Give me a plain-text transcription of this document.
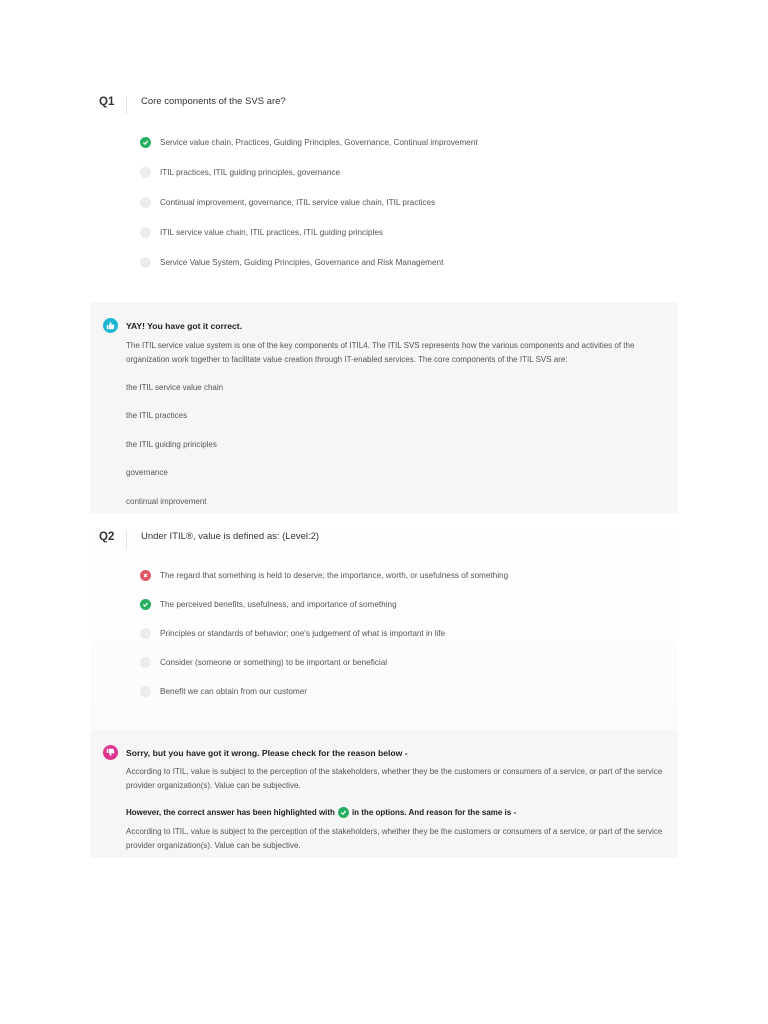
Q1	Core components of the SVS are?
Service value chain, Practices, Guiding Principles, Governance, Continual improvement
ITIL practices, ITIL guiding principles, governance
Continual improvement, governance, ITIL service value chain, ITIL practices
ITIL service value chain, ITIL practices, ITIL guiding principles
Service Value System, Guiding Principles, Governance and Risk Management
YAY! You have got it correct.
The ITIL service value system is one of the key components of ITIL4. The ITIL SVS represents how the various components and activities of the organization work together to facilitate value creation through IT-enabled services. The core components of the ITIL SVS are:
the ITIL service value chain
the ITIL practices
the ITIL guiding principles
governance
continual improvement
Q2	Under ITIL®, value is defined as: (Level:2)
The regard that something is held to deserve; the importance, worth, or usefulness of something
The perceived benefits, usefulness, and importance of something
Principles or standards of behavior; one's judgement of what is important in life
Consider (someone or something) to be important or beneficial
Benefit we can obtain from our customer
Sorry, but you have got it wrong. Please check for the reason below -
According to ITIL, value is subject to the perception of the stakeholders, whether they be the customers or consumers of a service, or part of the service provider organization(s). Value can be subjective.
However, the correct answer has been highlighted with in the options. And reason for the same is -
According to ITIL, value is subject to the perception of the stakeholders, whether they be the customers or consumers of a service, or part of the service provider organization(s). Value can be subjective.
